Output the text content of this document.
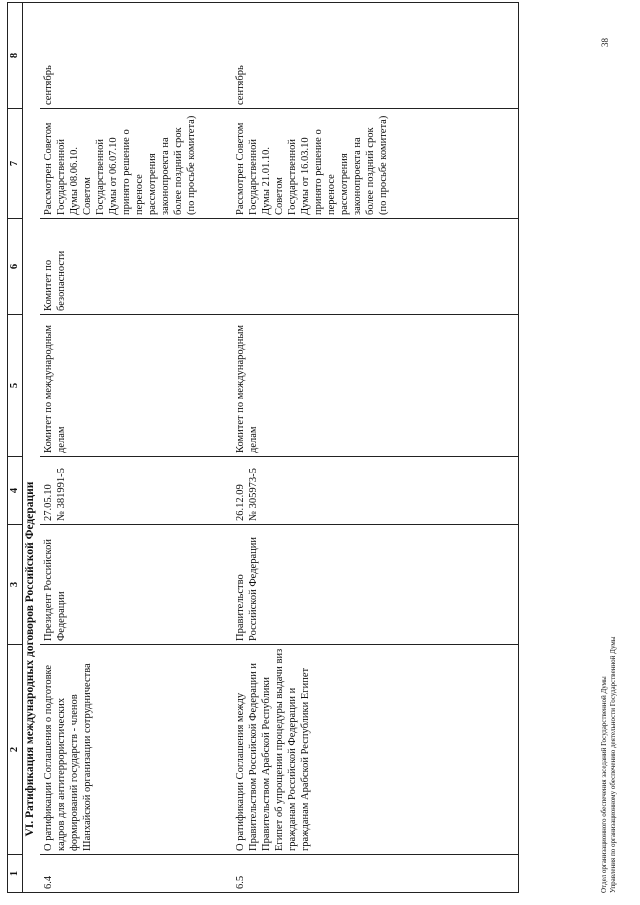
1	2	3	4	5	6	7	8
	VI. Ратификация международных договоров Российской Федерации						
6.4	О ратификации Соглашения о подготовке кадров для антитеррористических формирований государств - членов Шанхайской организации сотрудничества	Президент Российской Федерации	27.05.10 № 381991-5	Комитет по международным делам	Комитет по безопасности	Рассмотрен Советом Государственной Думы 08.06.10. Советом Государственной Думы от 06.07.10 принято решение о переносе рассмотрения законопроекта на более поздний срок (по просьбе комитета)	сентябрь
6.5	О ратификации Соглашения между Правительством Российской Федерации и Правительством Арабской Республики Египет об упрощении процедуры выдачи виз гражданам Российской Федерации и гражданам Арабской Республики Египет	Правительство Российской Федерации	26.12.09 № 305973-5	Комитет по международным делам		Рассмотрен Советом Государственной Думы 21.01.10. Советом Государственной Думы от 16.03.10 принято решение о переносе рассмотрения законопроекта на более поздний срок (по просьбе комитета)	сентябрь
Отдел организационного обеспечения заседаний Государственной Думы Управления по организационному обеспечению деятельности Государственной Думы
38
